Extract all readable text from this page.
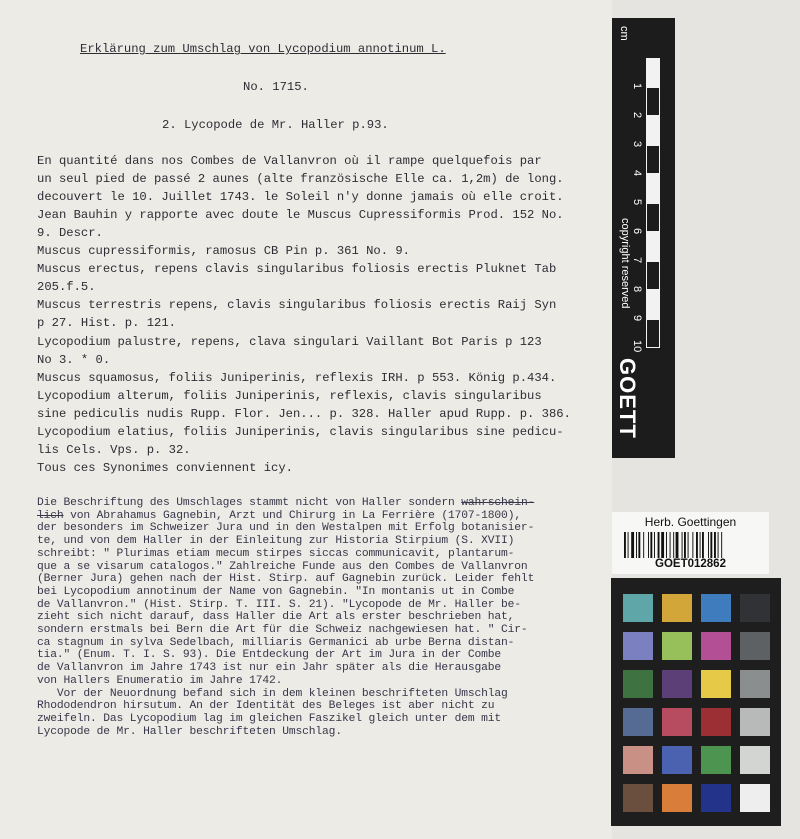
Erklärung zum Umschlag von Lycopodium annotinum L.
No. 1715.
2. Lycopode de Mr. Haller p.93.
En quantité dans nos Combes de Vallanvron où il rampe quelquefois par
un seul pied de passé 2 aunes (alte französische Elle ca. 1,2m) de long.
decouvert le 10. Juillet 1743. le Soleil n'y donne jamais où elle croit.
Jean Bauhin y rapporte avec doute le Muscus Cupressiformis Prod. 152 No.
9. Descr.
Muscus cupressiformis, ramosus CB Pin p. 361 No. 9.
Muscus erectus, repens clavis singularibus foliosis erectis Pluknet Tab
205.f.5.
Muscus terrestris repens, clavis singularibus foliosis erectis Raij Syn
p 27. Hist. p. 121.
Lycopodium palustre, repens, clava singulari Vaillant Bot Paris p 123
No 3. * 0.
Muscus squamosus, foliis Juniperinis, reflexis IRH. p 553. König p.434.
Lycopodium alterum, foliis Juniperinis, reflexis, clavis singularibus
sine pediculis nudis Rupp. Flor. Jen... p. 328. Haller apud Rupp. p. 386.
Lycopodium elatius, foliis Juniperinis, clavis singularibus sine pedicu-
lis Cels. Vps. p. 32.
Tous ces Synonimes conviennent icy.
Die Beschriftung des Umschlages stammt nicht von Haller sondern wahrschein-
lich von Abrahamus Gagnebin, Arzt und Chirurg in La Ferrière (1707-1800),
der besonders im Schweizer Jura und in den Westalpen mit Erfolg botanisier-
te, und von dem Haller in der Einleitung zur Historia Stirpium (S. XVII)
schreibt: " Plurimas etiam mecum stirpes siccas communicavit, plantarum-
que a se visarum catalogos." Zahlreiche Funde aus den Combes de Vallanvron
(Berner Jura) gehen nach der Hist. Stirp. auf Gagnebin zurück. Leider fehlt
bei Lycopodium annotinum der Name von Gagnebin. "In montanis ut in Combe
de Vallanvron." (Hist. Stirp. T. III. S. 21). "Lycopode de Mr. Haller be-
zieht sich nicht darauf, dass Haller die Art als erster beschrieben hat,
sondern erstmals bei Bern die Art für die Schweiz nachgewiesen hat. " Cir-
ca stagnum in sylva Sedelbach, milliaris Germanici ab urbe Berna distan-
tia." (Enum. T. I. S. 93). Die Entdeckung der Art im Jura in der Combe
de Vallanvron im Jahre 1743 ist nur ein Jahr später als die Herausgabe
von Hallers Enumeratio im Jahre 1742.
Vor der Neuordnung befand sich in dem kleinen beschrifteten Umschlag
Rhododendron hirsutum. An der Identität des Beleges ist aber nicht zu
zweifeln. Das Lycopodium lag im gleichen Faszikel gleich unter dem mit
Lycopode de Mr. Haller beschrifteten Umschlag.
cm
1
2
3
4
5
6
7
8
9
10
copyright reserved
GOETT
Herb. Goettingen
GOET012862
